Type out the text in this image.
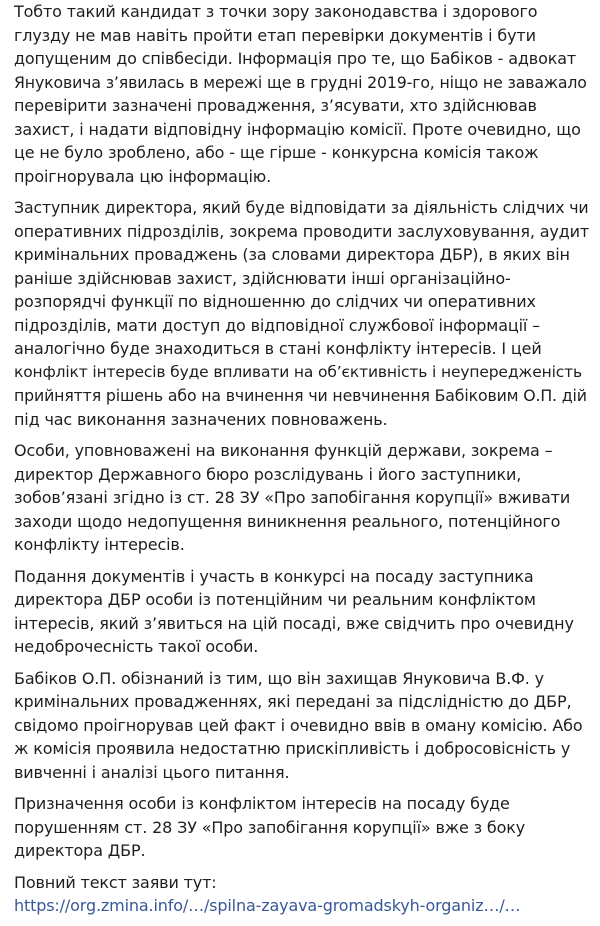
Тобто такий кандидат з точки зору законодавства і здорового
глузду не мав навіть пройти етап перевірки документів і бути
допущеним до співбесіди. Інформація про те, що Бабіков - адвокат
Януковича з’явилась в мережі ще в грудні 2019-го, ніщо не заважало
перевірити зазначені провадження, з’ясувати, хто здійснював
захист, і надати відповідну інформацію комісії. Проте очевидно, що
це не було зроблено, або - ще гірше - конкурсна комісія також
проігнорувала цю інформацію.
Заступник директора, який буде відповідати за діяльність слідчих чи
оперативних підрозділів, зокрема проводити заслуховування, аудит
кримінальних проваджень (за словами директора ДБР), в яких він
раніше здійснював захист, здійснювати інші організаційно-
розпорядчі функції по відношенню до слідчих чи оперативних
підрозділів, мати доступ до відповідної службової інформації –
аналогічно буде знаходиться в стані конфлікту інтересів. І цей
конфлікт інтересів буде впливати на об’єктивність і неупередженість
прийняття рішень або на вчинення чи невчинення Бабіковим О.П. дій
під час виконання зазначених повноважень.
Особи, уповноважені на виконання функцій держави, зокрема –
директор Державного бюро розслідувань і його заступники,
зобов’язані згідно із ст. 28 ЗУ «Про запобігання корупції» вживати
заходи щодо недопущення виникнення реального, потенційного
конфлікту інтересів.
Подання документів і участь в конкурсі на посаду заступника
директора ДБР особи із потенційним чи реальним конфліктом
інтересів, який з’явиться на цій посаді, вже свідчить про очевидну
недоброчесність такої особи.
Бабіков О.П. обізнаний із тим, що він захищав Януковича В.Ф. у
кримінальних провадженнях, які передані за підслідністю до ДБР,
свідомо проігнорував цей факт і очевидно ввів в оману комісію. Або
ж комісія проявила недостатню прискіпливість і добросовісність у
вивченні і аналізі цього питання.
Призначення особи із конфліктом інтересів на посаду буде
порушенням ст. 28 ЗУ «Про запобігання корупції» вже з боку
директора ДБР.
Повний текст заяви тут:
https://org.zmina.info/…/spilna-zayava-gromadskyh-organiz…/…
